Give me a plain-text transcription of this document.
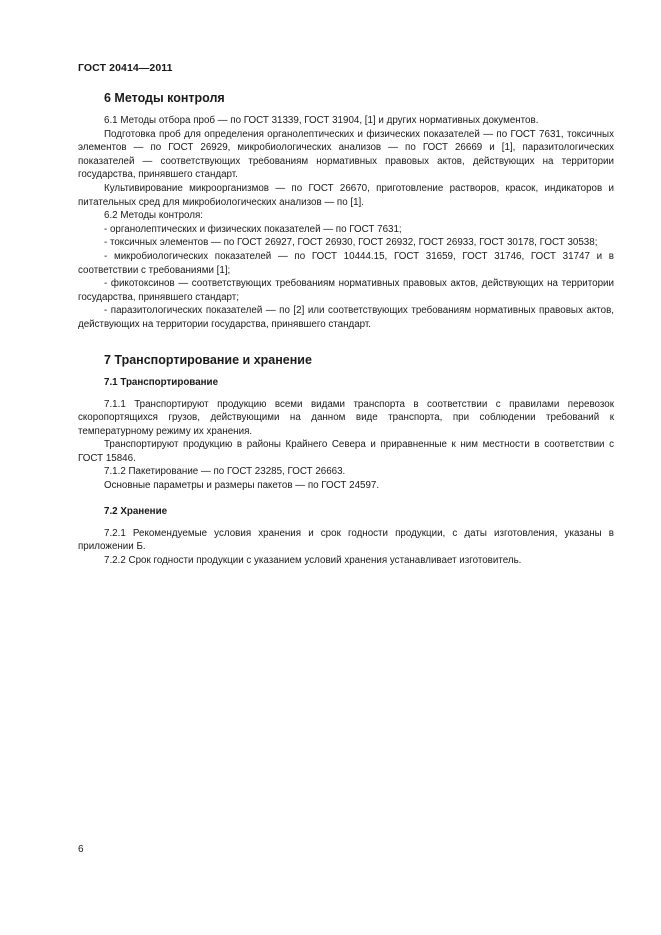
ГОСТ 20414—2011
6 Методы контроля

6.1 Методы отбора проб — по ГОСТ 31339, ГОСТ 31904, [1] и других нормативных документов.

Подготовка проб для определения органолептических и физических показателей — по ГОСТ 7631, токсичных элементов — по ГОСТ 26929, микробиологических анализов — по ГОСТ 26669 и [1], паразитологических показателей — соответствующих требованиям нормативных правовых актов, действующих на территории государства, принявшего стандарт.

Культивирование микроорганизмов — по ГОСТ 26670, приготовление растворов, красок, индикаторов и питательных сред для микробиологических анализов — по [1].

6.2 Методы контроля:

- органолептических и физических показателей — по ГОСТ 7631;

- токсичных элементов — по ГОСТ 26927, ГОСТ 26930, ГОСТ 26932, ГОСТ 26933, ГОСТ 30178, ГОСТ 30538;

- микробиологических показателей — по ГОСТ 10444.15, ГОСТ 31659, ГОСТ 31746, ГОСТ 31747 и в соответствии с требованиями [1];

- фикотоксинов — соответствующих требованиям нормативных правовых актов, действующих на территории государства, принявшего стандарт;

- паразитологических показателей — по [2] или соответствующих требованиям нормативных правовых актов, действующих на территории государства, принявшего стандарт.

7 Транспортирование и хранение
7.1 Транспортирование

7.1.1 Транспортируют продукцию всеми видами транспорта в соответствии с правилами перевозок скоропортящихся грузов, действующими на данном виде транспорта, при соблюдении требований к температурному режиму их хранения.

Транспортируют продукцию в районы Крайнего Севера и приравненные к ним местности в соответствии с ГОСТ 15846.

7.1.2 Пакетирование — по ГОСТ 23285, ГОСТ 26663.

Основные параметры и размеры пакетов — по ГОСТ 24597.

7.2 Хранение

7.2.1 Рекомендуемые условия хранения и срок годности продукции, с даты изготовления, указаны в приложении Б.

7.2.2 Срок годности продукции с указанием условий хранения устанавливает изготовитель.

6
